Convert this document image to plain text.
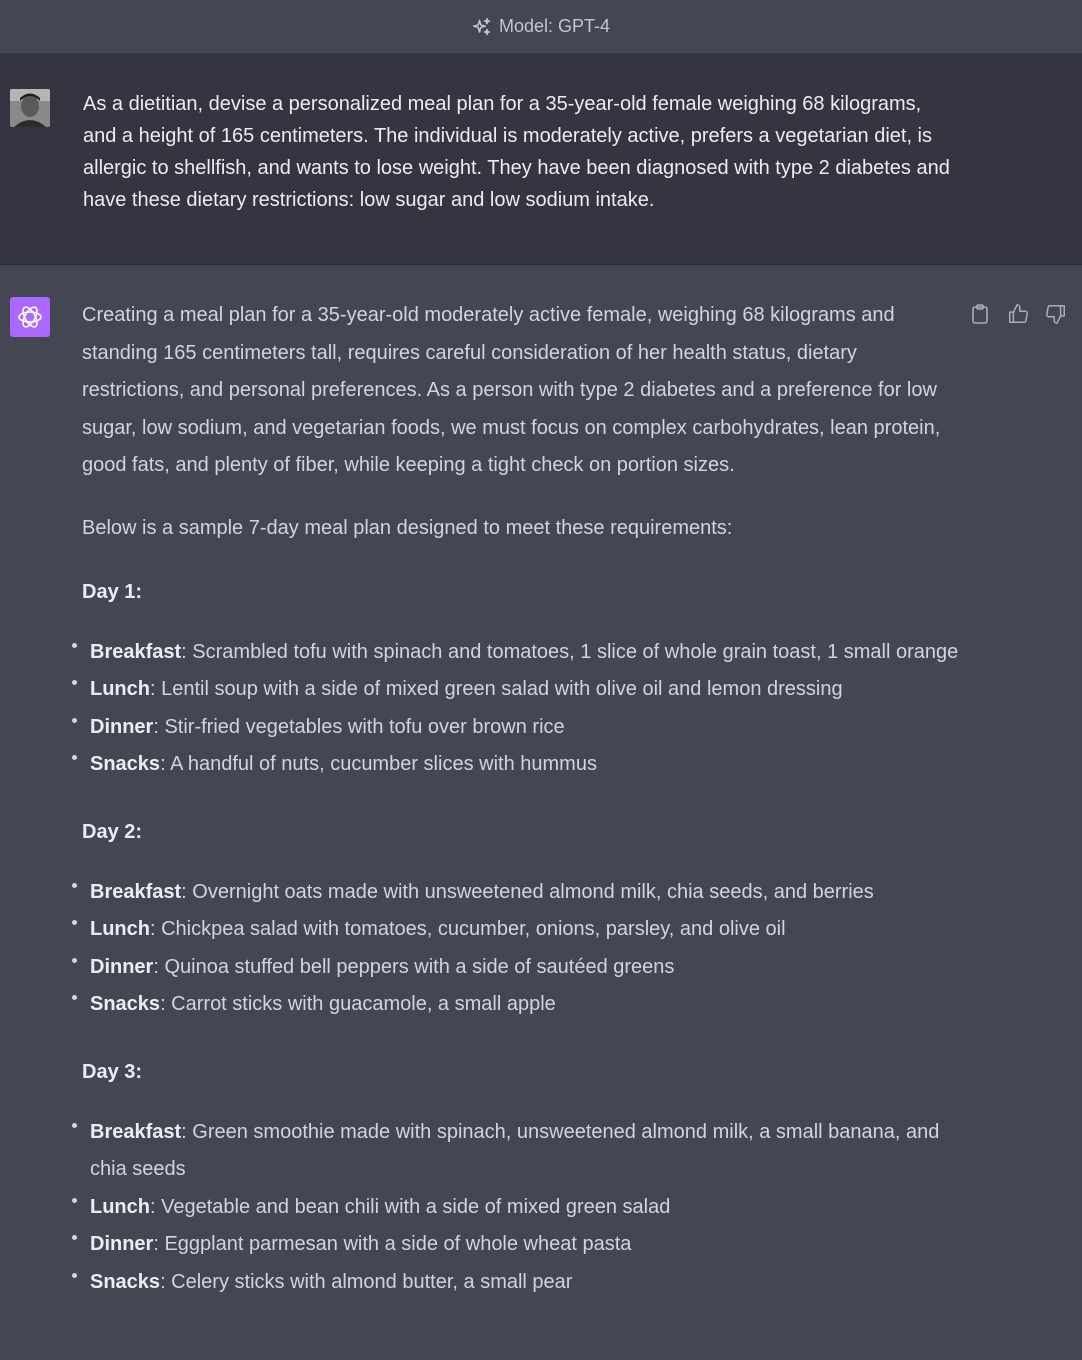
Model: GPT-4
As a dietitian, devise a personalized meal plan for a 35-year-old female weighing 68 kilograms, and a height of 165 centimeters. The individual is moderately active, prefers a vegetarian diet, is allergic to shellfish, and wants to lose weight. They have been diagnosed with type 2 diabetes and have these dietary restrictions: low sugar and low sodium intake.

Creating a meal plan for a 35-year-old moderately active female, weighing 68 kilograms and standing 165 centimeters tall, requires careful consideration of her health status, dietary restrictions, and personal preferences. As a person with type 2 diabetes and a preference for low sugar, low sodium, and vegetarian foods, we must focus on complex carbohydrates, lean protein, good fats, and plenty of fiber, while keeping a tight check on portion sizes.

Below is a sample 7-day meal plan designed to meet these requirements:

Day 1:

Breakfast: Scrambled tofu with spinach and tomatoes, 1 slice of whole grain toast, 1 small orange
Lunch: Lentil soup with a side of mixed green salad with olive oil and lemon dressing
Dinner: Stir-fried vegetables with tofu over brown rice
Snacks: A handful of nuts, cucumber slices with hummus

Day 2:

Breakfast: Overnight oats made with unsweetened almond milk, chia seeds, and berries
Lunch: Chickpea salad with tomatoes, cucumber, onions, parsley, and olive oil
Dinner: Quinoa stuffed bell peppers with a side of sautéed greens
Snacks: Carrot sticks with guacamole, a small apple

Day 3:

Breakfast: Green smoothie made with spinach, unsweetened almond milk, a small banana, and chia seeds
Lunch: Vegetable and bean chili with a side of mixed green salad
Dinner: Eggplant parmesan with a side of whole wheat pasta
Snacks: Celery sticks with almond butter, a small pear
